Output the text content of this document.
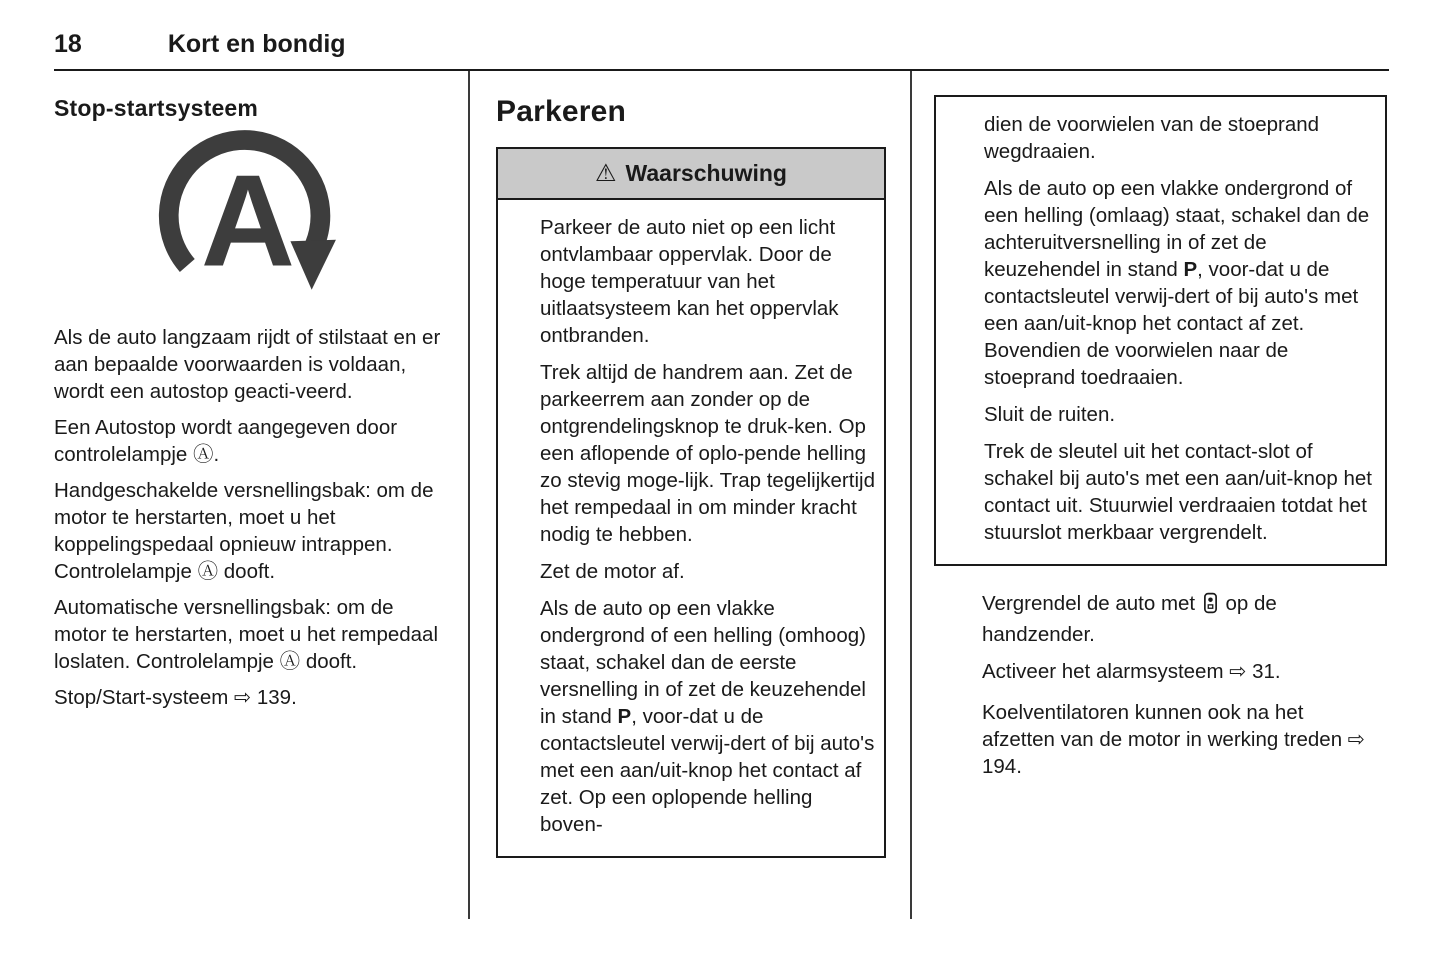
18	Kort en bondig
Stop-startsysteem
A
Als de auto langzaam rijdt of stilstaat en er aan bepaalde voorwaarden is voldaan, wordt een autostop geacti-veerd.
Een Autostop wordt aangegeven door controlelampje Ⓐ.
Handgeschakelde versnellingsbak: om de motor te herstarten, moet u het koppelingspedaal opnieuw intrappen. Controlelampje Ⓐ dooft.
Automatische versnellingsbak: om de motor te herstarten, moet u het rempedaal loslaten. Controlelampje Ⓐ dooft.
Stop/Start-systeem ⇨ 139.
Parkeren
⚠ Waarschuwing
Parkeer de auto niet op een licht ontvlambaar oppervlak. Door de hoge temperatuur van het uitlaatsysteem kan het oppervlak ontbranden.
Trek altijd de handrem aan. Zet de parkeerrem aan zonder op de ontgrendelingsknop te druk-ken. Op een aflopende of oplo-pende helling zo stevig moge-lijk. Trap tegelijkertijd het rempedaal in om minder kracht nodig te hebben.
Zet de motor af.
Als de auto op een vlakke ondergrond of een helling (omhoog) staat, schakel dan de eerste versnelling in of zet de keuzehendel in stand P, voor-dat u de contactsleutel verwij-dert of bij auto's met een aan/uit-knop het contact af zet. Op een oplopende helling boven-
dien de voorwielen van de stoeprand wegdraaien.
Als de auto op een vlakke ondergrond of een helling (omlaag) staat, schakel dan de achteruitversnelling in of zet de keuzehendel in stand P, voor-dat u de contactsleutel verwij-dert of bij auto's met een aan/uit-knop het contact af zet. Bovendien de voorwielen naar de stoeprand toedraaien.
Sluit de ruiten.
Trek de sleutel uit het contact-slot of schakel bij auto's met een aan/uit-knop het contact uit. Stuurwiel verdraaien totdat het stuurslot merkbaar vergrendelt.
Vergrendel de auto met op de handzender.
Activeer het alarmsysteem ⇨ 31.
Koelventilatoren kunnen ook na het afzetten van de motor in werking treden ⇨ 194.
